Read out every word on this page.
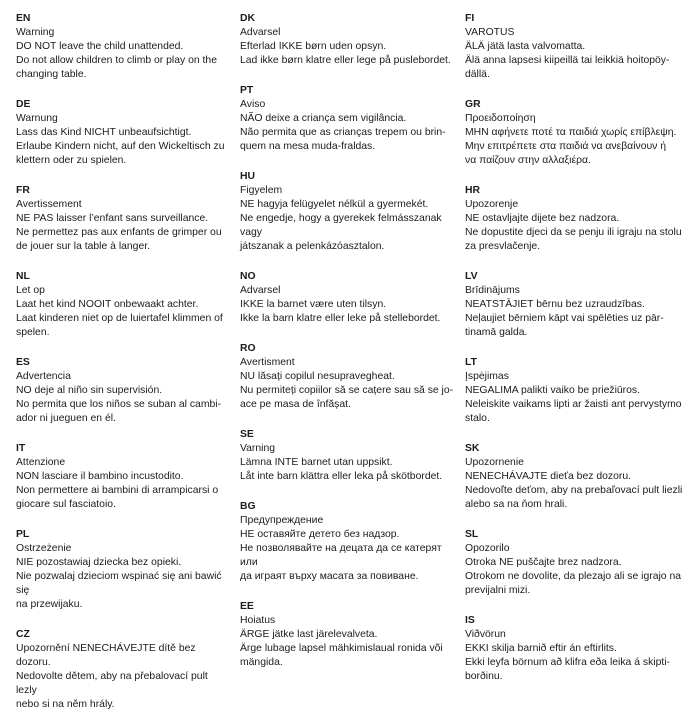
EN
Warning
DO NOT leave the child unattended.
Do not allow children to climb or play on the
changing table.
DE
Warnung
Lass das Kind NICHT unbeaufsichtigt.
Erlaube Kindern nicht, auf den Wickeltisch zu
klettern oder zu spielen.
FR
Avertissement
NE PAS laisser l’enfant sans surveillance.
Ne permettez pas aux enfants de grimper ou
de jouer sur la table à langer.
NL
Let op
Laat het kind NOOIT onbewaakt achter.
Laat kinderen niet op de luiertafel klimmen of
spelen.
ES
Advertencia
NO deje al niño sin supervisión.
No permita que los niños se suban al cambi-
ador ni jueguen en él.
IT
Attenzione
NON lasciare il bambino incustodito.
Non permettere ai bambini di arrampicarsi o
giocare sul fasciatoio.
PL
Ostrzeżenie
NIE pozostawiaj dziecka bez opieki.
Nie pozwalaj dzieciom wspinać się ani bawić się
na przewijaku.
CZ
Upozornění NENECHÁVEJTE dítě bez dozoru.
Nedovolte dětem, aby na přebalovací pult lezly
nebo si na něm hrály.
DK
Advarsel
Efterlad IKKE børn uden opsyn.
Lad ikke børn klatre eller lege på puslebordet.
PT
Aviso
NÃO deixe a criança sem vigilância.
Não permita que as crianças trepem ou brin-
quem na mesa muda-fraldas.
HU
Figyelem
NE hagyja felügyelet nélkül a gyermekét.
Ne engedje, hogy a gyerekek felmásszanak vagy
játszanak a pelenkázóasztalon.
NO
Advarsel
IKKE la barnet være uten tilsyn.
Ikke la barn klatre eller leke på stellebordet.
RO
Avertisment
NU lăsați copilul nesupravegheat.
Nu permiteți copiilor să se cațere sau să se jo-
ace pe masa de înfășat.
SE
Varning
Lämna INTE barnet utan uppsikt.
Låt inte barn klättra eller leka på skötbordet.
BG
Предупреждение
НЕ оставяйте детето без надзор.
Не позволявайте на децата да се катерят или
да играят върху масата за повиване.
EE
Hoiatus
ÄRGE jätke last järelevalveta.
Ärge lubage lapsel mähkimislaual ronida või
mängida.
FI
VAROTUS
ÄLÄ jätä lasta valvomatta.
Älä anna lapsesi kiipeillä tai leikkiä hoitopöy-
dällä.
GR
Προειδοποίηση
ΜΗΝ αφήνετε ποτέ τα παιδιά χωρίς επίβλεψη.
Μην επιτρέπετε στα παιδιά να ανεβαίνουν ή
να παίζουν στην αλλαξιέρα.
HR
Upozorenje
NE ostavljajte dijete bez nadzora.
Ne dopustite djeci da se penju ili igraju na stolu
za presvlačenje.
LV
Brīdinājums
NEATSTĀJIET bērnu bez uzraudzības.
Neļaujiet bērniem kāpt vai spēlēties uz pār-
tinamā galda.
LT
Įspėjimas
NEGALIMA palikti vaiko be priežiūros.
Neleiskite vaikams lipti ar žaisti ant pervystymo
stalo.
SK
Upozornenie
NENECHÁVAJTE dieťa bez dozoru.
Nedovoľte deťom, aby na prebaľovací pult liezli
alebo sa na ňom hrali.
SL
Opozorilo
Otroka NE puščajte brez nadzora.
Otrokom ne dovolite, da plezajo ali se igrajo na
previjalni mizi.
IS
Viðvörun
EKKI skilja barnið eftir án eftirlits.
Ekki leyfa börnum að klifra eða leika á skipti-
borðinu.
